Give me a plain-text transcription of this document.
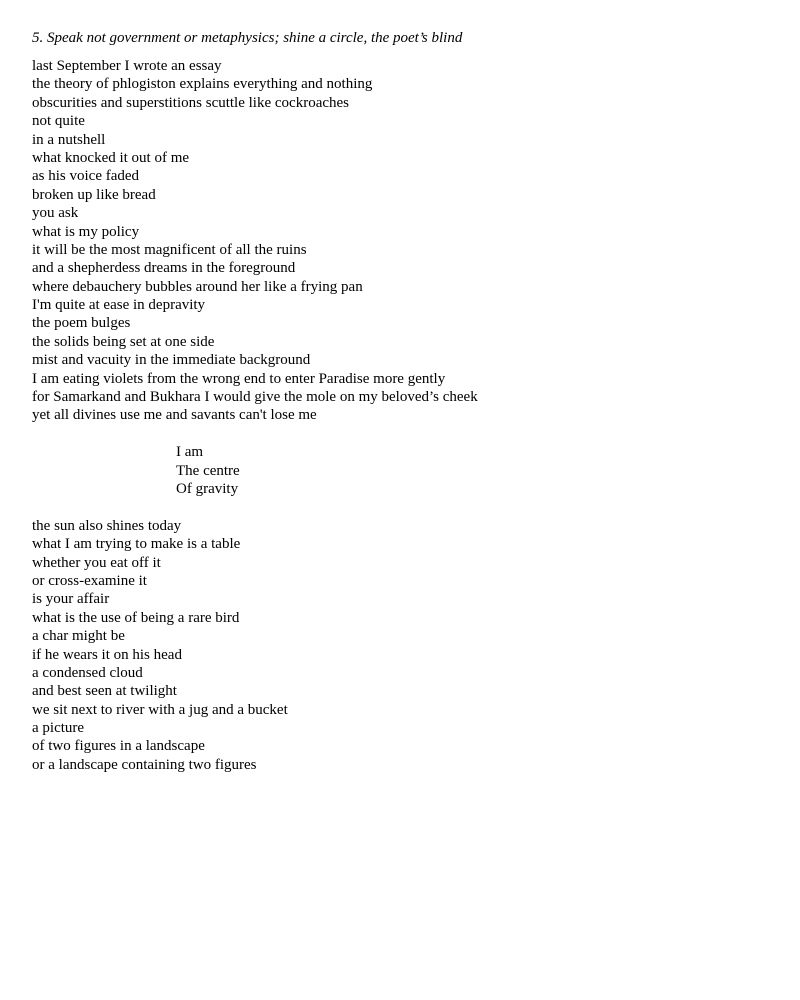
5. Speak not government or metaphysics; shine a circle, the poet’s blind
last September I wrote an essay
the theory of phlogiston explains everything and nothing
obscurities and superstitions scuttle like cockroaches
not quite
in a nutshell
what knocked it out of me
as his voice faded
broken up like bread
you ask
what is my policy
it will be the most magnificent of all the ruins
and a shepherdess dreams in the foreground
where debauchery bubbles around her like a frying pan
I'm quite at ease in depravity
the poem bulges
the solids being set at one side
mist and vacuity in the immediate background
I am eating violets from the wrong end to enter Paradise more gently
for Samarkand and Bukhara I would give the mole on my beloved’s cheek
yet all divines use me and savants can't lose me
I am
The centre
Of gravity
the sun also shines today
what I am trying to make is a table
whether you eat off it
or cross-examine it
is your affair
what is the use of being a rare bird
a char might be
if he wears it on his head
a condensed cloud
and best seen at twilight
we sit next to river with a jug and a bucket
a picture
of two figures in a landscape
or a landscape containing two figures
